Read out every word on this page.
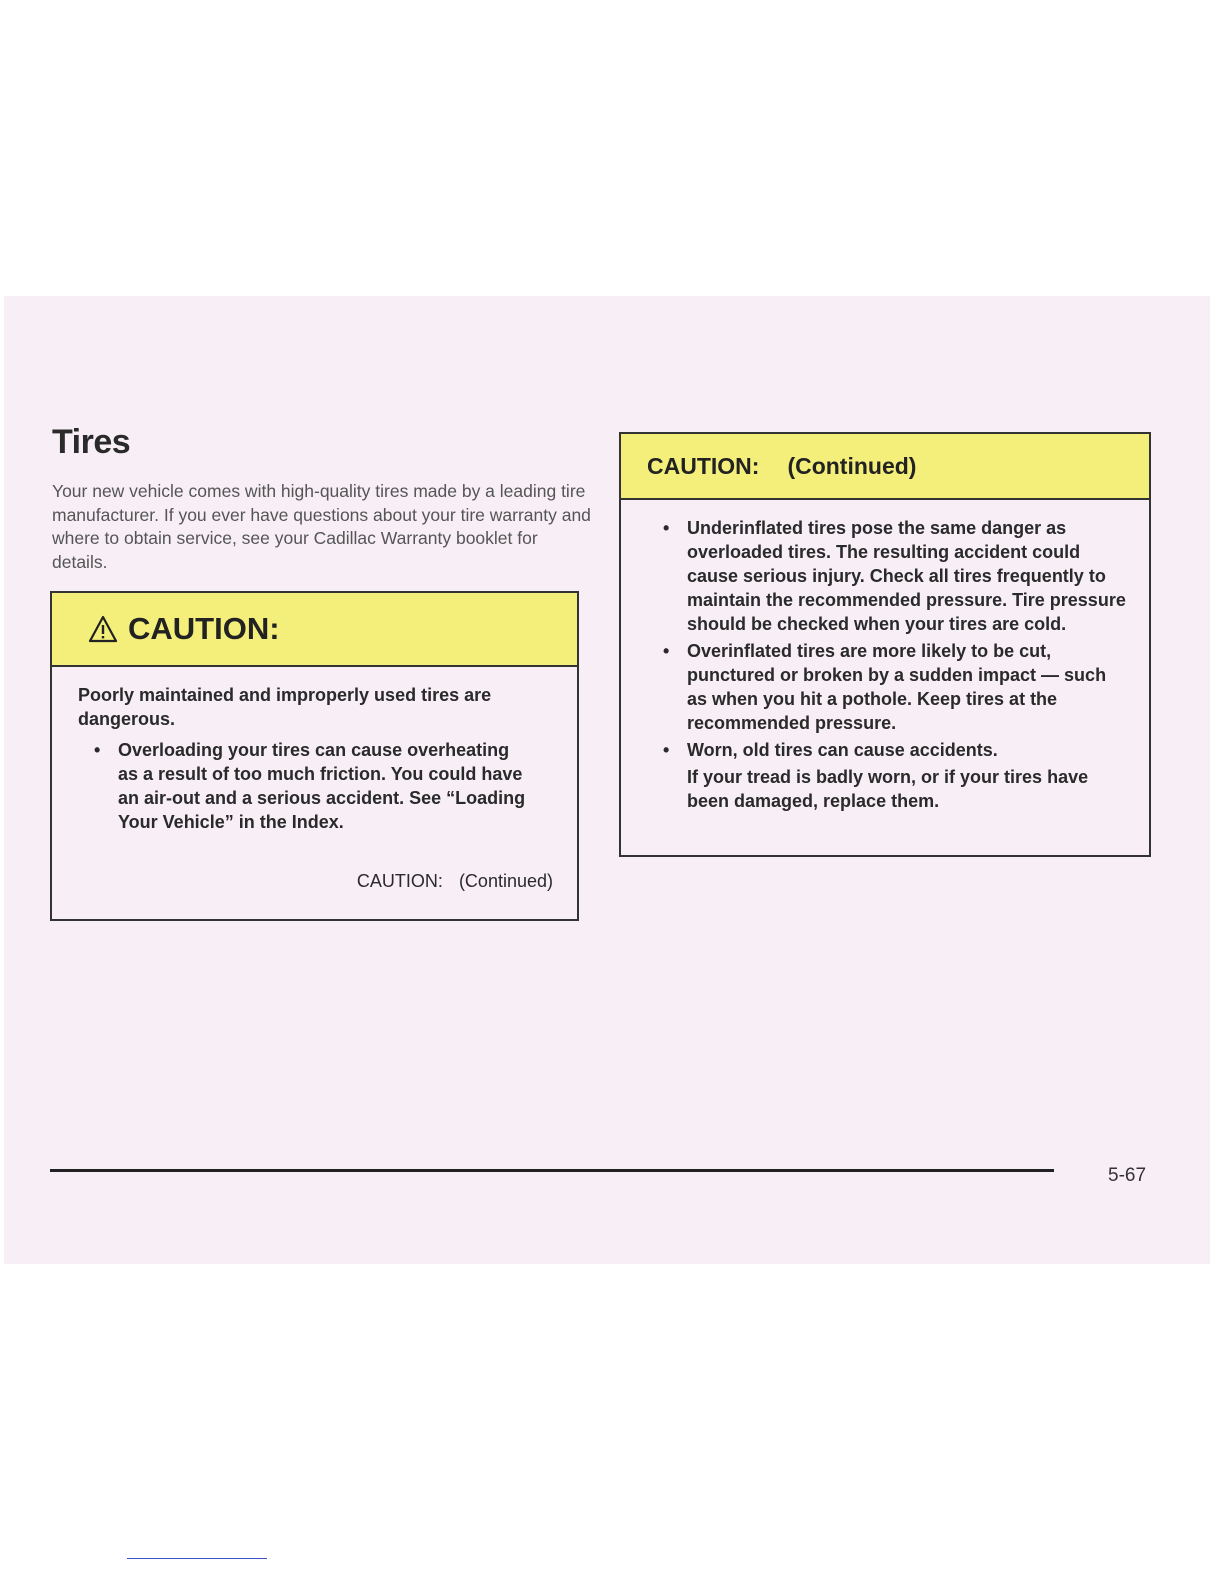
Tires

Your new vehicle comes with high-quality tires made by a leading tire manufacturer. If you ever have questions about your tire warranty and where to obtain service, see your Cadillac Warranty booklet for details.

CAUTION:
Poorly maintained and improperly used tires are dangerous.
• Overloading your tires can cause overheating as a result of too much friction. You could have an air-out and a serious accident. See “Loading Your Vehicle” in the Index.
CAUTION: (Continued)
CAUTION: (Continued)
• Underinflated tires pose the same danger as overloaded tires. The resulting accident could cause serious injury. Check all tires frequently to maintain the recommended pressure. Tire pressure should be checked when your tires are cold.
• Overinflated tires are more likely to be cut, punctured or broken by a sudden impact — such as when you hit a pothole. Keep tires at the recommended pressure.
• Worn, old tires can cause accidents.
If your tread is badly worn, or if your tires have been damaged, replace them.
5-67
